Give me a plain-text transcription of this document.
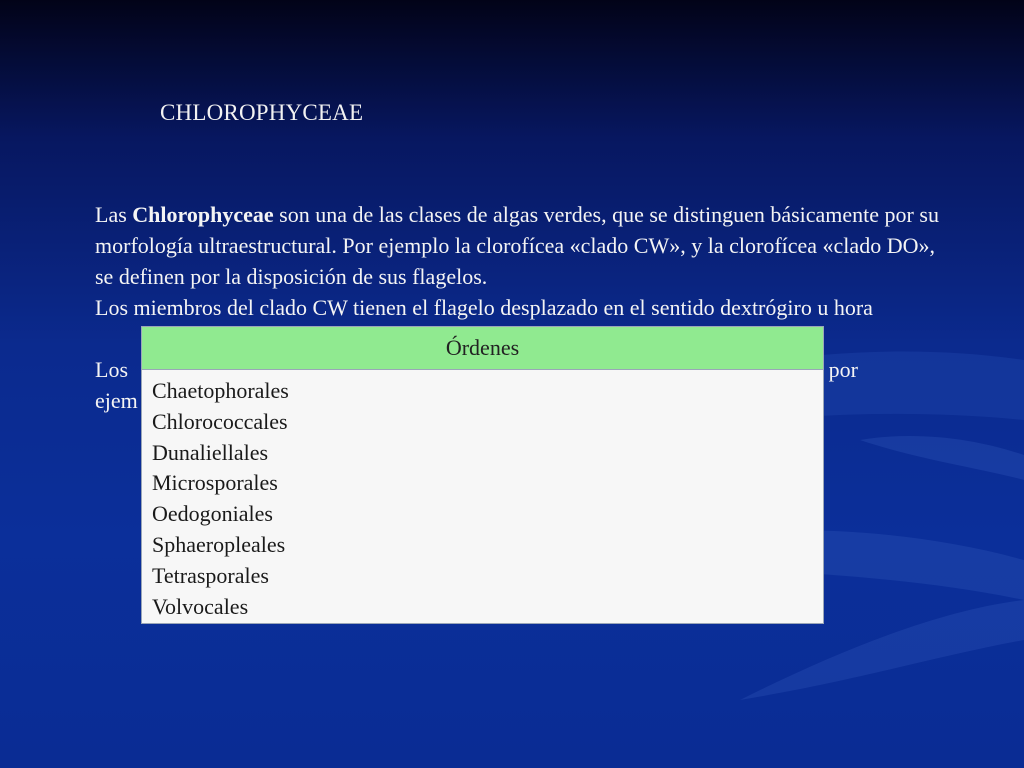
CHLOROPHYCEAE

Las Chlorophyceae son una de las clases de algas verdes, que se distinguen básicamente por su morfología ultraestructural. Por ejemplo la clorofícea «clado CW», y la clorofícea «clado DO», se definen por la disposición de sus flagelos.

Los miembros del clado CW tienen el flagelo desplazado en el sentido dextrógiro u hora

Los	por

ejem

Órdenes
Chaetophorales
Chlorococcales
Dunaliellales
Microsporales
Oedogoniales
Sphaeropleales
Tetrasporales
Volvocales
